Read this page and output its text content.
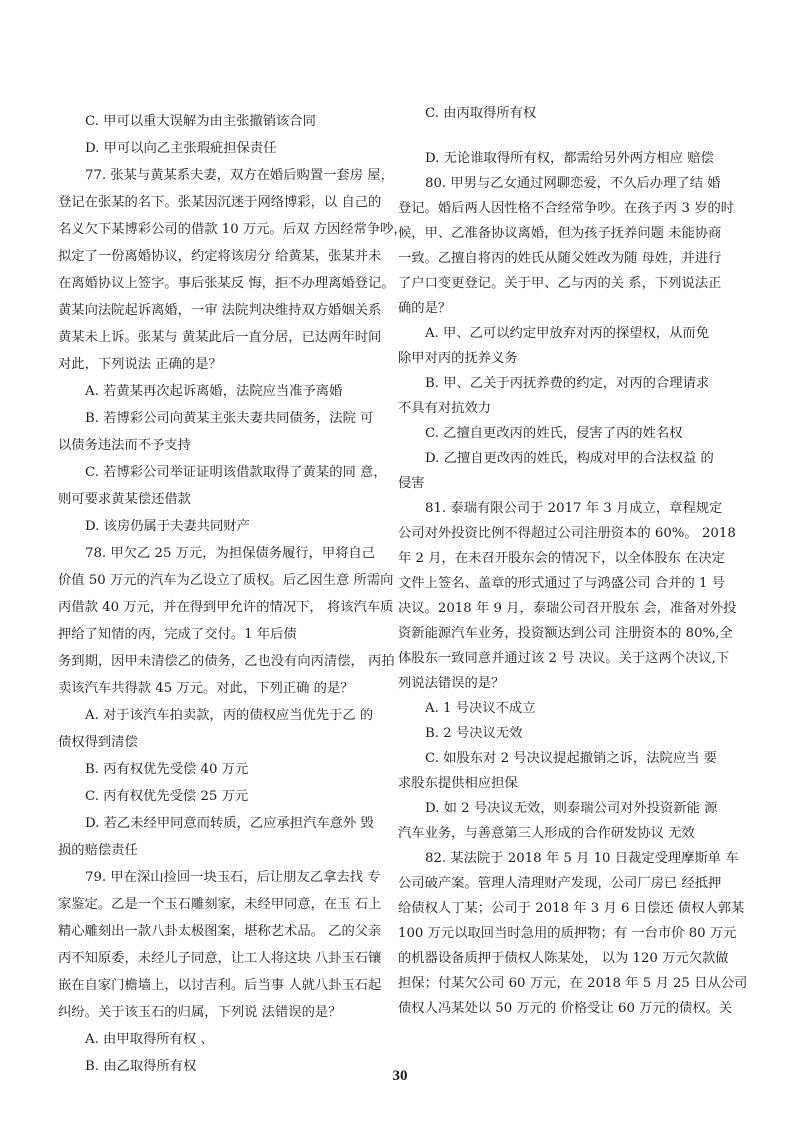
C. 甲可以重大误解为由主张撤销该合同
D. 甲可以向乙主张瑕疵担保责任
77. 张某与黄某系夫妻，双方在婚后购置一套房 屋，
登记在张某的名下。张某因沉迷于网络博彩，以 自己的
名义欠下某博彩公司的借款 10 万元。后双 方因经常争吵，
拟定了一份离婚协议，约定将该房分 给黄某，张某并未
在离婚协议上签字。事后张某反 悔，拒不办理离婚登记。
黄某向法院起诉离婚，一审 法院判决维持双方婚姻关系
黄某未上诉。张某与 黄某此后一直分居，已达两年时间
对此，下列说法 正确的是？
A. 若黄某再次起诉离婚，法院应当准予离婚
B. 若博彩公司向黄某主张夫妻共同债务，法院 可
以债务违法而不予支持
C. 若博彩公司举证证明该借款取得了黄某的同 意，
则可要求黄某偿还借款
D. 该房仍属于夫妻共同财产
78. 甲欠乙 25 万元，为担保债务履行，甲将自己
价值 50 万元的汽车为乙设立了质权。后乙因生意 所需向
丙借款 40 万元，并在得到甲允许的情况下， 将该汽车质
押给了知情的丙，完成了交付。1 年后债
务到期，因甲未清偿乙的债务，乙也没有向丙清偿， 丙拍
卖该汽车共得款 45 万元。对此，下列正确 的是？
A. 对于该汽车拍卖款，丙的债权应当优先于乙 的
债权得到清偿
B. 丙有权优先受偿 40 万元
C. 丙有权优先受偿 25 万元
D. 若乙未经甲同意而转质，乙应承担汽车意外 毁
损的赔偿责任
79. 甲在深山捡回一块玉石，后让朋友乙拿去找 专
家鉴定。乙是一个玉石雕刻家，未经甲同意，在玉 石上
精心雕刻出一款八卦太极图案，堪称艺术品。 乙的父亲
丙不知原委，未经儿子同意，让工人将这块 八卦玉石镶
嵌在自家门檐墙上，以讨吉利。后当事 人就八卦玉石起
纠纷。关于该玉石的归属，下列说 法错误的是？
A. 由甲取得所有权 、
B. 由乙取得所有权
C. 由丙取得所有权
D. 无论谁取得所有权，都需给另外两方相应 赔偿
80. 甲男与乙女通过网聊恋爱，不久后办理了结 婚
登记。婚后两人因性格不合经常争吵。在孩子丙 3 岁的时
候，甲、乙准备协议离婚，但为孩子抚养问题 未能协商
一致。乙擅自将丙的姓氏从随父姓改为随 母姓，并进行
了户口变更登记。关于甲、乙与丙的关 系，下列说法正
确的是？
A. 甲、乙可以约定甲放弃对丙的探望权，从而免
除甲对丙的抚养义务
B. 甲、乙关于丙抚养费的约定，对丙的合理请求
不具有对抗效力
C. 乙擅自更改丙的姓氏，侵害了丙的姓名权
D. 乙擅自更改丙的姓氏，构成对甲的合法权益 的
侵害
81. 泰瑞有限公司于 2017 年 3 月成立，章程规定
公司对外投资比例不得超过公司注册资本的 60%。 2018
年 2 月，在未召开股东会的情况下，以全体股东 在决定
文件上签名、盖章的形式通过了与鸿盛公司 合并的 1 号
决议。2018 年 9 月，泰瑞公司召开股东 会，准备对外投
资新能源汽车业务，投资额达到公司 注册资本的 80%,全
体股东一致同意并通过该 2 号 决议。关于这两个决议,下
列说法错误的是？
A. 1 号决议不成立
B. 2 号决议无效
C. 如股东对 2 号决议提起撤销之诉，法院应当 要
求股东提供相应担保
D. 如 2 号决议无效，则泰瑞公司对外投资新能 源
汽车业务，与善意第三人形成的合作研发协议 无效
82. 某法院于 2018 年 5 月 10 日裁定受理摩斯单 车
公司破产案。管理人清理财产发现，公司厂房已 经抵押
给债权人丁某；公司于 2018 年 3 月 6 日偿还 债权人郭某
100 万元以取回当时急用的质押物；有 一台市价 80 万元
的机器设备质押于债权人陈某处， 以为 120 万元欠款做
担保；付某欠公司 60 万元，在 2018 年 5 月 25 日从公司
债权人冯某处以 50 万元的 价格受让 60 万元的债权。关
30
